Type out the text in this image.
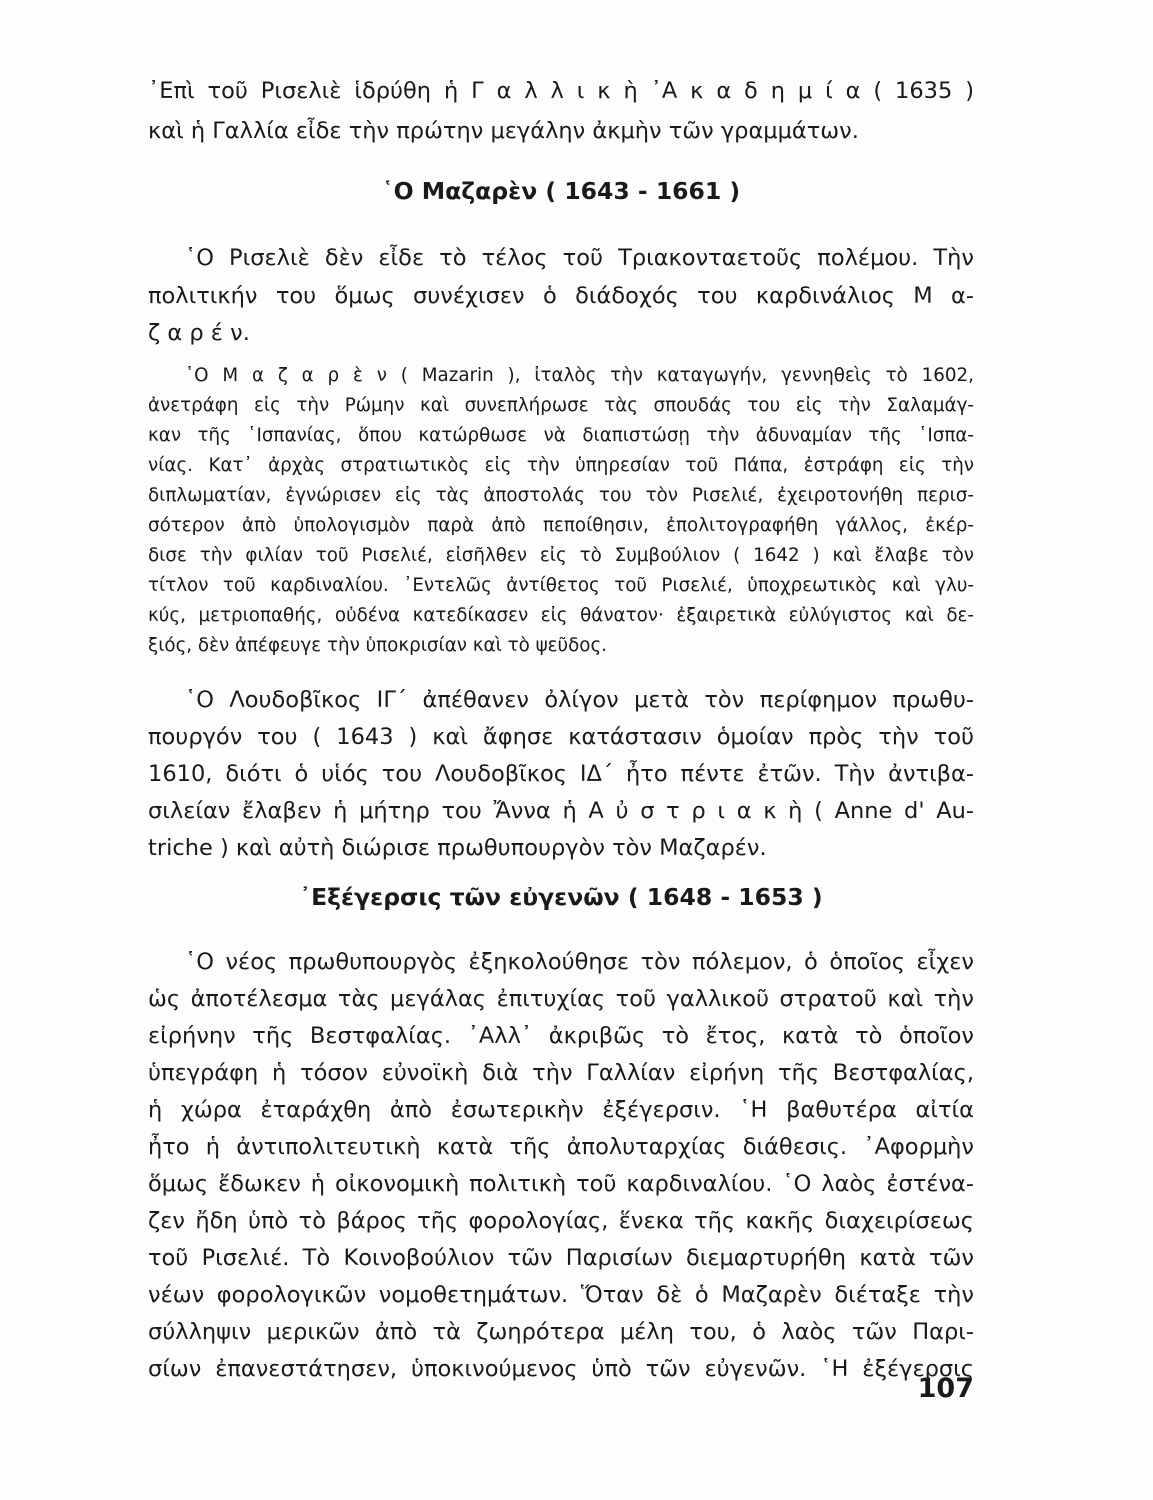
᾿Επὶ τοῦ Ρισελιὲ ἱδρύθη ἡ Γ α λ λ ι κ ὴ ᾿Α κ α δ η μ ί α ( 1635 )
καὶ ἡ Γαλλία εἶδε τὴν πρώτην μεγάλην ἀκμὴν τῶν γραμμάτων.
῾Ο Μαζαρὲν ( 1643 - 1661 )
῾Ο Ρισελιὲ δὲν εἶδε τὸ τέλος τοῦ Τριακονταετοῦς πολέμου. Τὴν
πολιτικήν του ὅμως συνέχισεν ὁ διάδοχός του καρδινάλιος Μ α-
ζ α ρ έ ν.
῾Ο Μ α ζ α ρ ὲ ν ( Mazarin ), ἰταλὸς τὴν καταγωγήν, γεννηθεὶς τὸ 1602,
ἀνετράφη εἰς τὴν Ρώμην καὶ συνεπλήρωσε τὰς σπουδάς του εἰς τὴν Σαλαμάγ-
καν τῆς ῾Ισπανίας, ὅπου κατώρθωσε νὰ διαπιστώσῃ τὴν ἀδυναμίαν τῆς ῾Ισπα-
νίας. Κατ᾿ ἀρχὰς στρατιωτικὸς εἰς τὴν ὑπηρεσίαν τοῦ Πάπα, ἐστράφη εἰς τὴν
διπλωματίαν, ἐγνώρισεν εἰς τὰς ἀποστολάς του τὸν Ρισελιέ, ἐχειροτονήθη περισ-
σότερον ἀπὸ ὑπολογισμὸν παρὰ ἀπὸ πεποίθησιν, ἐπολιτογραφήθη γάλλος, ἐκέρ-
δισε τὴν φιλίαν τοῦ Ρισελιέ, εἰσῆλθεν εἰς τὸ Συμβούλιον ( 1642 ) καὶ ἔλαβε τὸν
τίτλον τοῦ καρδιναλίου. ᾿Εντελῶς ἀντίθετος τοῦ Ρισελιέ, ὑποχρεωτικὸς καὶ γλυ-
κύς, μετριοπαθής, οὐδένα κατεδίκασεν εἰς θάνατον· ἐξαιρετικὰ εὐλύγιστος καὶ δε-
ξιός, δὲν ἀπέφευγε τὴν ὑποκρισίαν καὶ τὸ ψεῦδος.
῾Ο Λουδοβῖκος ΙΓ΄ ἀπέθανεν ὀλίγον μετὰ τὸν περίφημον πρωθυ-
πουργόν του ( 1643 ) καὶ ἄφησε κατάστασιν ὁμοίαν πρὸς τὴν τοῦ
1610, διότι ὁ υἱός του Λουδοβῖκος ΙΔ΄ ἦτο πέντε ἐτῶν. Τὴν ἀντιβα-
σιλείαν ἔλαβεν ἡ μήτηρ του Ἄννα ἡ Α ὐ σ τ ρ ι α κ ὴ ( Anne d' Au-
triche ) καὶ αὐτὴ διώρισε πρωθυπουργὸν τὸν Μαζαρέν.
᾿Εξέγερσις τῶν εὐγενῶν ( 1648 - 1653 )
῾Ο νέος πρωθυπουργὸς ἐξηκολούθησε τὸν πόλεμον, ὁ ὁποῖος εἶχεν
ὡς ἀποτέλεσμα τὰς μεγάλας ἐπιτυχίας τοῦ γαλλικοῦ στρατοῦ καὶ τὴν
εἰρήνην τῆς Βεστφαλίας. ᾿Αλλ᾿ ἀκριβῶς τὸ ἔτος, κατὰ τὸ ὁποῖον
ὑπεγράφη ἡ τόσον εὐνοϊκὴ διὰ τὴν Γαλλίαν εἰρήνη τῆς Βεστφαλίας,
ἡ χώρα ἐταράχθη ἀπὸ ἐσωτερικὴν ἐξέγερσιν. ῾Η βαθυτέρα αἰτία
ἦτο ἡ ἀντιπολιτευτικὴ κατὰ τῆς ἀπολυταρχίας διάθεσις. ᾿Αφορμὴν
ὅμως ἔδωκεν ἡ οἰκονομικὴ πολιτικὴ τοῦ καρδιναλίου. ῾Ο λαὸς ἐστένα-
ζεν ἤδη ὑπὸ τὸ βάρος τῆς φορολογίας, ἕνεκα τῆς κακῆς διαχειρίσεως
τοῦ Ρισελιέ. Τὸ Κοινοβούλιον τῶν Παρισίων διεμαρτυρήθη κατὰ τῶν
νέων φορολογικῶν νομοθετημάτων. Ὅταν δὲ ὁ Μαζαρὲν διέταξε τὴν
σύλληψιν μερικῶν ἀπὸ τὰ ζωηρότερα μέλη του, ὁ λαὸς τῶν Παρι-
σίων ἐπανεστάτησεν, ὑποκινούμενος ὑπὸ τῶν εὐγενῶν. ῾Η ἐξέγερσις
107
